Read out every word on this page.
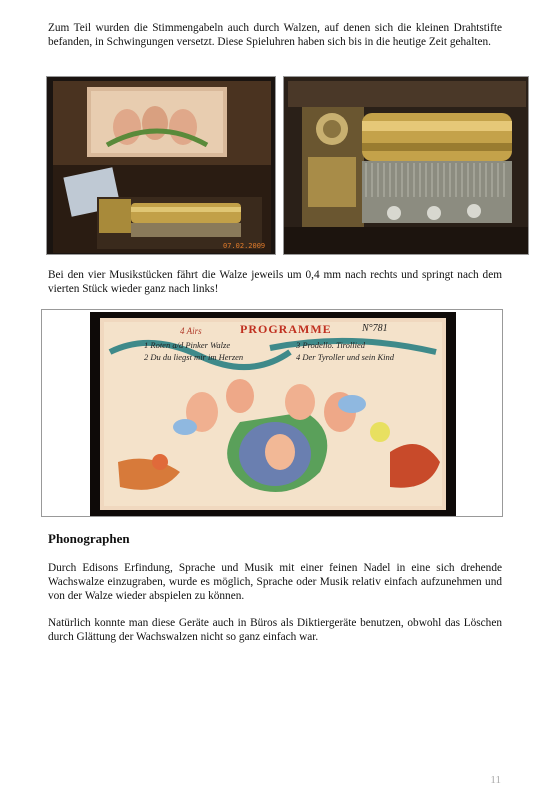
Zum Teil wurden die Stimmengabeln auch durch Walzen, auf denen sich die kleinen Drahtstifte befanden, in Schwingungen versetzt. Diese Spieluhren haben sich bis in die heutige Zeit gehalten.

07.02.2009

Bei den vier Musikstücken fährt die Walze jeweils um 0,4 mm nach rechts und springt nach dem vierten Stück wieder ganz nach links!

4 Airs	PROGRAMME	N°781
1 Roten a/d Pinker Walze
2 Du du liegst mir im Herzen
3 Prodello. Tirollied
4 Der Tyroller und sein Kind
Phonographen

Durch Edisons Erfindung, Sprache und Musik mit einer feinen Nadel in eine sich drehende Wachswalze einzugraben, wurde es möglich, Sprache oder Musik relativ einfach aufzunehmen und von der Walze wieder abspielen zu können.

Natürlich konnte man diese Geräte auch in Büros als Diktiergeräte benutzen, obwohl das Löschen durch Glättung der Wachswalzen nicht so ganz einfach war.

11
